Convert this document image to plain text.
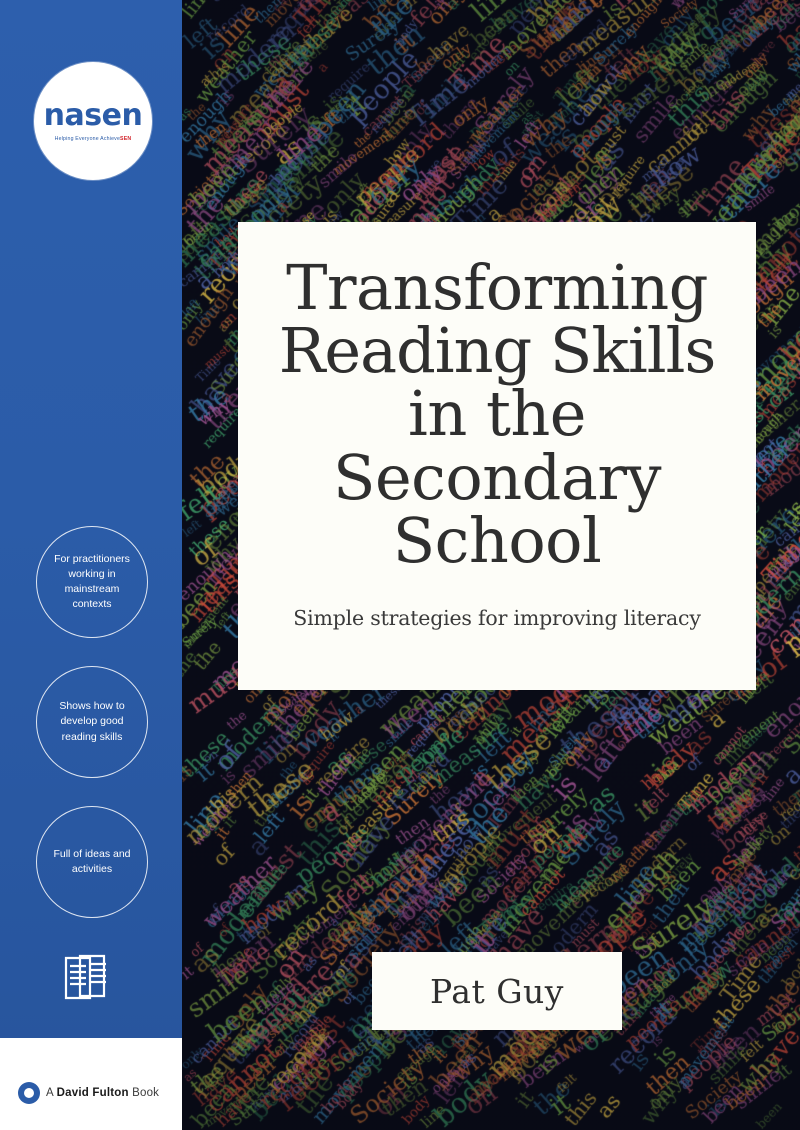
nasen
Helping Everyone AchieveSEN
For practitioners working in mainstream contexts
Shows how to develop good reading skills
Full of ideas and activities
A David Fulton Book
Transforming
Reading Skills
in the
Secondary
School
Simple strategies for improving literacy
Pat Guy
